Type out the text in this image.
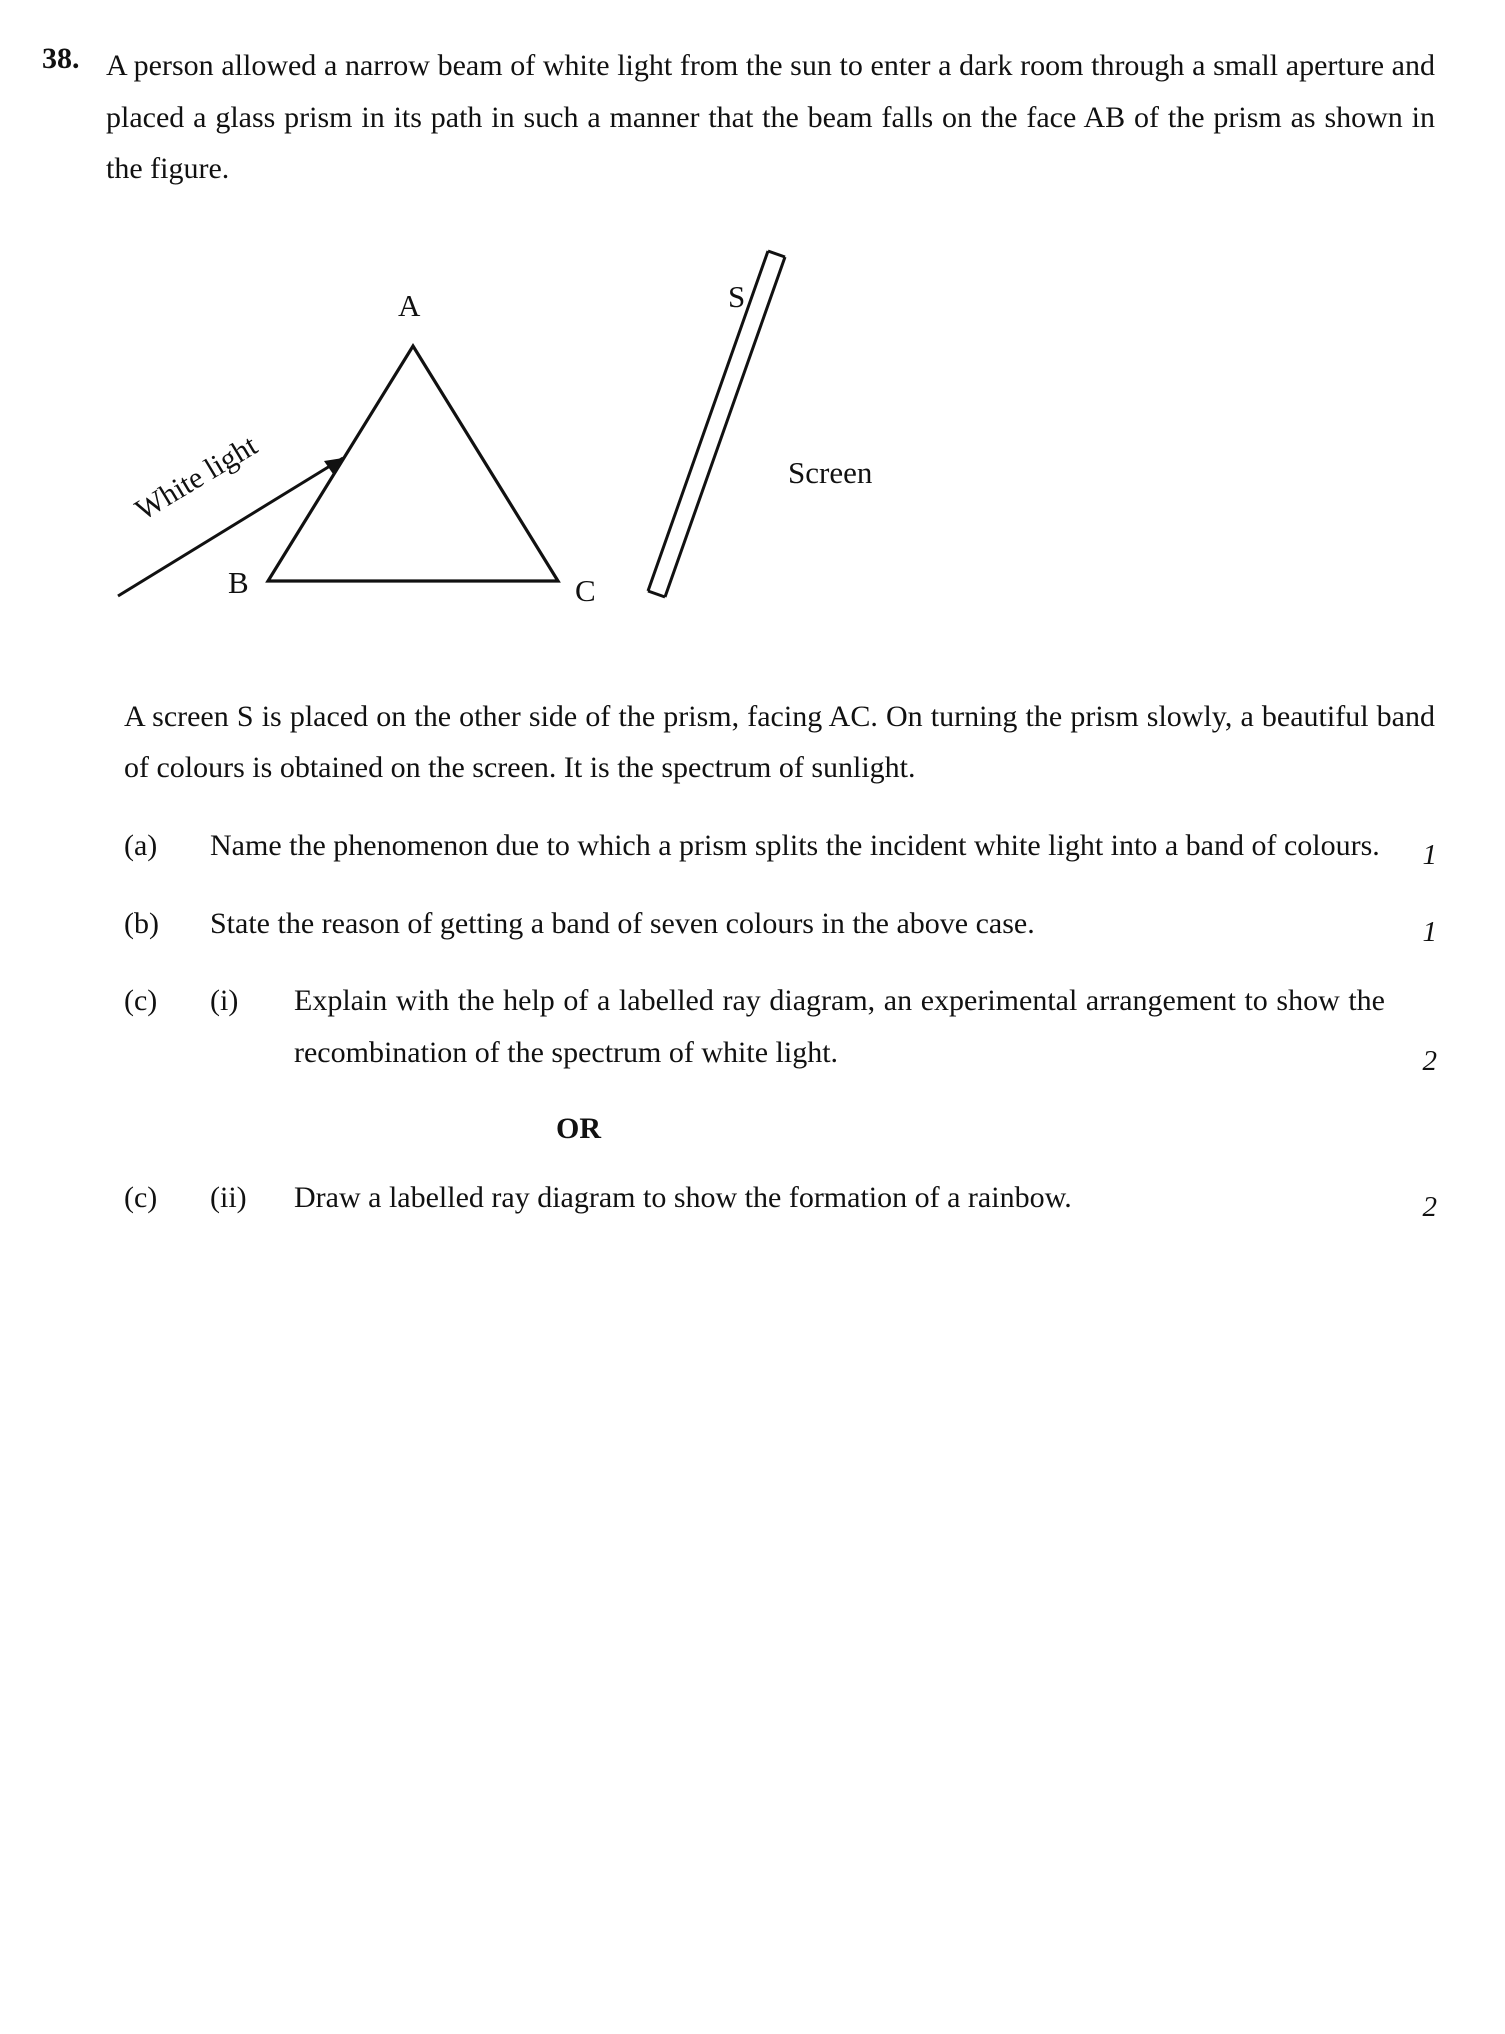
38. A person allowed a narrow beam of white light from the sun to enter a dark room through a small aperture and placed a glass prism in its path in such a manner that the beam falls on the face AB of the prism as shown in the figure.
A
B	C
S
Screen
White light
A screen S is placed on the other side of the prism, facing AC. On turning the prism slowly, a beautiful band of colours is obtained on the screen. It is the spectrum of sunlight.
(a)	Name the phenomenon due to which a prism splits the incident white light into a band of colours.	1
(b)	State the reason of getting a band of seven colours in the above case.	1
(c)	(i)	Explain with the help of a labelled ray diagram, an experimental arrangement to show the recombination of the spectrum of white light.	2
OR
(c)	(ii)	Draw a labelled ray diagram to show the formation of a rainbow.	2
